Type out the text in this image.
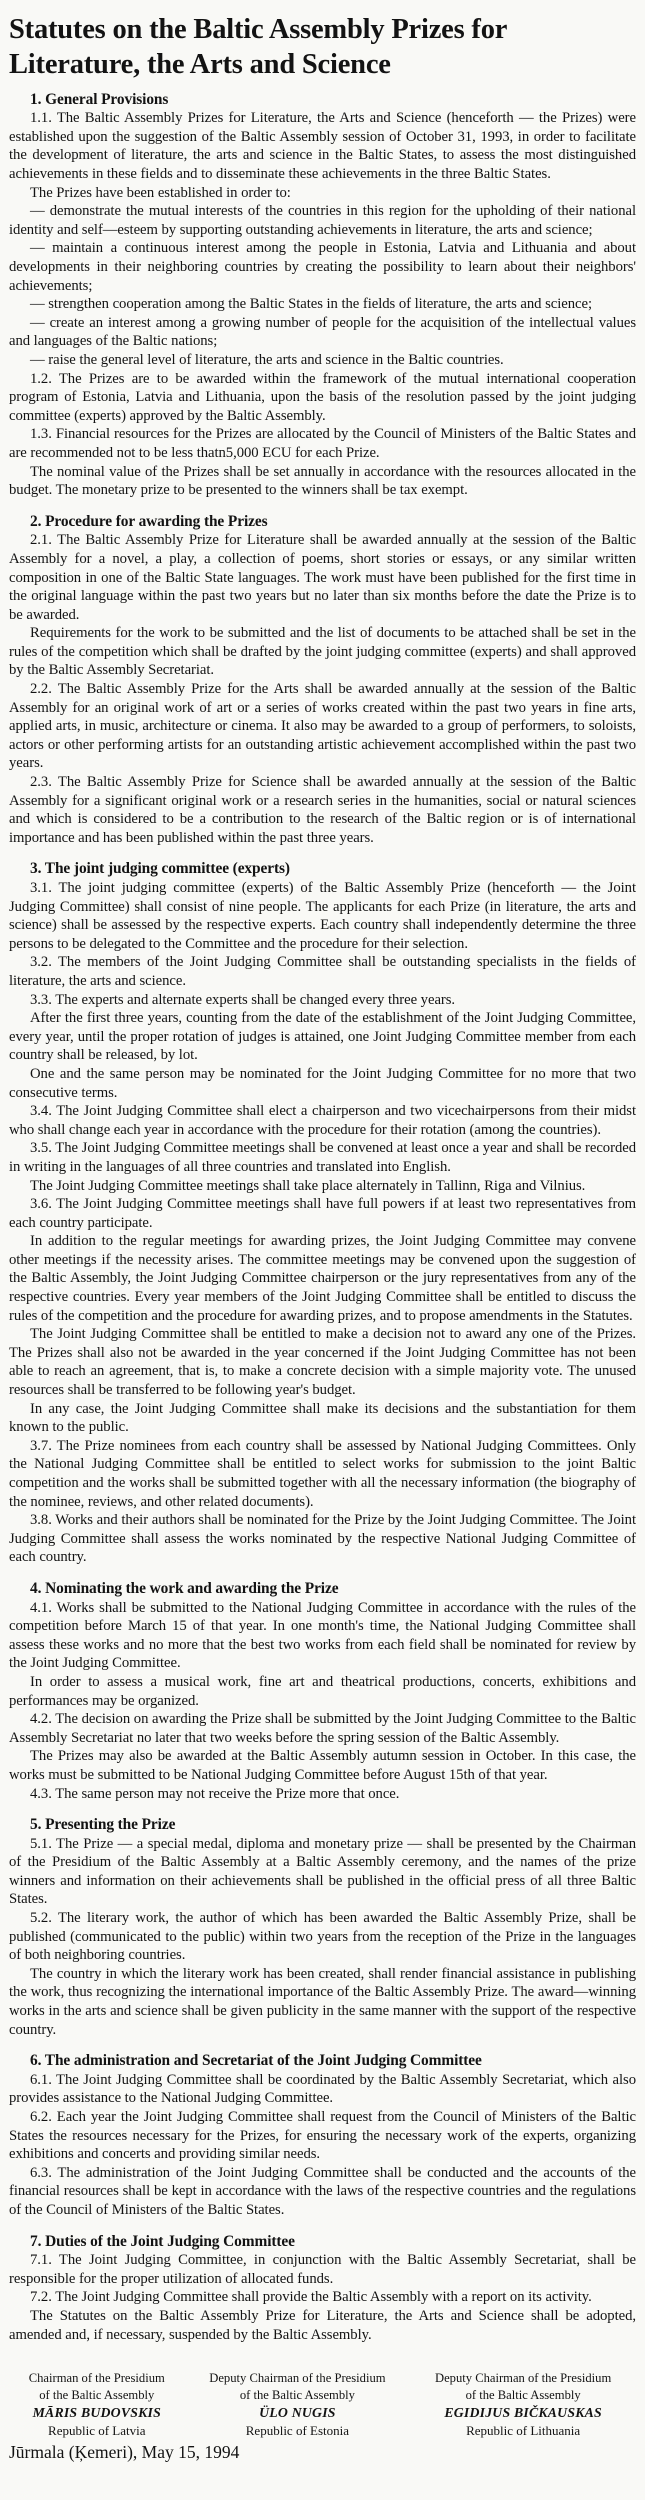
Statutes on the Baltic Assembly Prizes for Literature, the Arts and Science
1. General Provisions

1.1. The Baltic Assembly Prizes for Literature, the Arts and Science (henceforth — the Prizes) were established upon the suggestion of the Baltic Assembly session of October 31, 1993, in order to facilitate the development of literature, the arts and science in the Baltic States, to assess the most distinguished achievements in these fields and to disseminate these achievements in the three Baltic States.

The Prizes have been established in order to:

— demonstrate the mutual interests of the countries in this region for the upholding of their national identity and self—esteem by supporting outstanding achievements in literature, the arts and science;

— maintain a continuous interest among the people in Estonia, Latvia and Lithuania and about developments in their neighboring countries by creating the possibility to learn about their neighbors' achievements;

— strengthen cooperation among the Baltic States in the fields of literature, the arts and science;

— create an interest among a growing number of people for the acquisition of the intellectual values and languages of the Baltic nations;

— raise the general level of literature, the arts and science in the Baltic countries.

1.2. The Prizes are to be awarded within the framework of the mutual international cooperation program of Estonia, Latvia and Lithuania, upon the basis of the resolution passed by the joint judging committee (experts) approved by the Baltic Assembly.

1.3. Financial resources for the Prizes are allocated by the Council of Ministers of the Baltic States and are recommended not to be less thatn5,000 ECU for each Prize.

The nominal value of the Prizes shall be set annually in accordance with the resources allocated in the budget. The monetary prize to be presented to the winners shall be tax exempt.

2. Procedure for awarding the Prizes

2.1. The Baltic Assembly Prize for Literature shall be awarded annually at the session of the Baltic Assembly for a novel, a play, a collection of poems, short stories or essays, or any similar written composition in one of the Baltic State languages. The work must have been published for the first time in the original language within the past two years but no later than six months before the date the Prize is to be awarded.

Requirements for the work to be submitted and the list of documents to be attached shall be set in the rules of the competition which shall be drafted by the joint judging committee (experts) and shall approved by the Baltic Assembly Secretariat.

2.2. The Baltic Assembly Prize for the Arts shall be awarded annually at the session of the Baltic Assembly for an original work of art or a series of works created within the past two years in fine arts, applied arts, in music, architecture or cinema. It also may be awarded to a group of performers, to soloists, actors or other performing artists for an outstanding artistic achievement accomplished within the past two years.

2.3. The Baltic Assembly Prize for Science shall be awarded annually at the session of the Baltic Assembly for a significant original work or a research series in the humanities, social or natural sciences and which is considered to be a contribution to the research of the Baltic region or is of international importance and has been published within the past three years.

3. The joint judging committee (experts)

3.1. The joint judging committee (experts) of the Baltic Assembly Prize (henceforth — the Joint Judging Committee) shall consist of nine people. The applicants for each Prize (in literature, the arts and science) shall be assessed by the respective experts. Each country shall independently determine the three persons to be delegated to the Committee and the procedure for their selection.

3.2. The members of the Joint Judging Committee shall be outstanding specialists in the fields of literature, the arts and science.

3.3. The experts and alternate experts shall be changed every three years.

After the first three years, counting from the date of the establishment of the Joint Judging Committee, every year, until the proper rotation of judges is attained, one Joint Judging Committee member from each country shall be released, by lot.

One and the same person may be nominated for the Joint Judging Committee for no more that two consecutive terms.

3.4. The Joint Judging Committee shall elect a chairperson and two vicechairpersons from their midst who shall change each year in accordance with the procedure for their rotation (among the countries).

3.5. The Joint Judging Committee meetings shall be convened at least once a year and shall be recorded in writing in the languages of all three countries and translated into English.

The Joint Judging Committee meetings shall take place alternately in Tallinn, Riga and Vilnius.

3.6. The Joint Judging Committee meetings shall have full powers if at least two representatives from each country participate.

In addition to the regular meetings for awarding prizes, the Joint Judging Committee may convene other meetings if the necessity arises. The committee meetings may be convened upon the suggestion of the Baltic Assembly, the Joint Judging Committee chairperson or the jury representatives from any of the respective countries. Every year members of the Joint Judging Committee shall be entitled to discuss the rules of the competition and the procedure for awarding prizes, and to propose amendments in the Statutes.

The Joint Judging Committee shall be entitled to make a decision not to award any one of the Prizes. The Prizes shall also not be awarded in the year concerned if the Joint Judging Committee has not been able to reach an agreement, that is, to make a concrete decision with a simple majority vote. The unused resources shall be transferred to be following year's budget.

In any case, the Joint Judging Committee shall make its decisions and the substantiation for them known to the public.

3.7. The Prize nominees from each country shall be assessed by National Judging Committees. Only the National Judging Committee shall be entitled to select works for submission to the joint Baltic competition and the works shall be submitted together with all the necessary information (the biography of the nominee, reviews, and other related documents).

3.8. Works and their authors shall be nominated for the Prize by the Joint Judging Committee. The Joint Judging Committee shall assess the works nominated by the respective National Judging Committee of each country.

4. Nominating the work and awarding the Prize

4.1. Works shall be submitted to the National Judging Committee in accordance with the rules of the competition before March 15 of that year. In one month's time, the National Judging Committee shall assess these works and no more that the best two works from each field shall be nominated for review by the Joint Judging Committee.

In order to assess a musical work, fine art and theatrical productions, concerts, exhibitions and performances may be organized.

4.2. The decision on awarding the Prize shall be submitted by the Joint Judging Committee to the Baltic Assembly Secretariat no later that two weeks before the spring session of the Baltic Assembly.

The Prizes may also be awarded at the Baltic Assembly autumn session in October. In this case, the works must be submitted to be National Judging Committee before August 15th of that year.

4.3. The same person may not receive the Prize more that once.

5. Presenting the Prize

5.1. The Prize — a special medal, diploma and monetary prize — shall be presented by the Chairman of the Presidium of the Baltic Assembly at a Baltic Assembly ceremony, and the names of the prize winners and information on their achievements shall be published in the official press of all three Baltic States.

5.2. The literary work, the author of which has been awarded the Baltic Assembly Prize, shall be published (communicated to the public) within two years from the reception of the Prize in the languages of both neighboring countries.

The country in which the literary work has been created, shall render financial assistance in publishing the work, thus recognizing the international importance of the Baltic Assembly Prize. The award—winning works in the arts and science shall be given publicity in the same manner with the support of the respective country.

6. The administration and Secretariat of the Joint Judging Committee

6.1. The Joint Judging Committee shall be coordinated by the Baltic Assembly Secretariat, which also provides assistance to the National Judging Committee.

6.2. Each year the Joint Judging Committee shall request from the Council of Ministers of the Baltic States the resources necessary for the Prizes, for ensuring the necessary work of the experts, organizing exhibitions and concerts and providing similar needs.

6.3. The administration of the Joint Judging Committee shall be conducted and the accounts of the financial resources shall be kept in accordance with the laws of the respective countries and the regulations of the Council of Ministers of the Baltic States.

7. Duties of the Joint Judging Committee

7.1. The Joint Judging Committee, in conjunction with the Baltic Assembly Secretariat, shall be responsible for the proper utilization of allocated funds.

7.2. The Joint Judging Committee shall provide the Baltic Assembly with a report on its activity.

The Statutes on the Baltic Assembly Prize for Literature, the Arts and Science shall be adopted, amended and, if necessary, suspended by the Baltic Assembly.

Chairman of the Presidium
of the Baltic Assembly
MĀRIS BUDOVSKIS
Republic of Latvia
Deputy Chairman of the Presidium
of the Baltic Assembly
ÜLO NUGIS
Republic of Estonia
Deputy Chairman of the Presidium
of the Baltic Assembly
EGIDIJUS BIČKAUSKAS
Republic of Lithuania
Jūrmala (Ķemeri), May 15, 1994
